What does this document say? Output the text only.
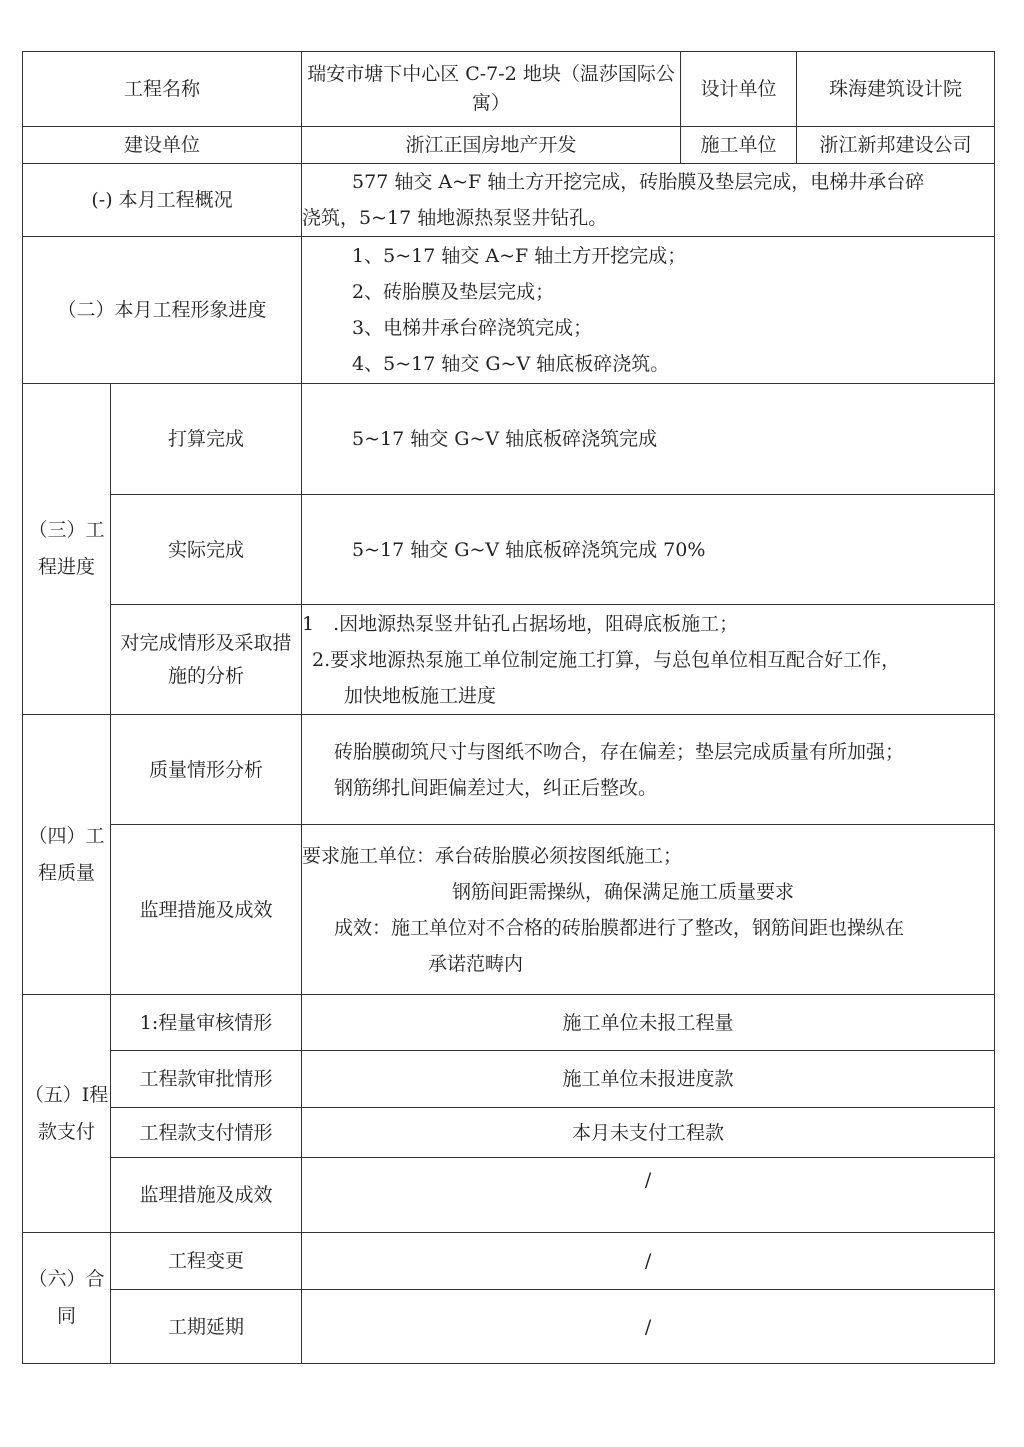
工程名称		瑞安市塘下中心区 C-7-2 地块（温莎国际公寓）	设计单位	珠海建筑设计院
建设单位		浙江正国房地产开发	施工单位	浙江新邦建设公司
(-) 本月工程概况		577 轴交 A~F 轴土方开挖完成，砖胎膜及垫层完成，电梯井承台碎
浇筑，5~17 轴地源热泵竖井钻孔。		

（二）本月工程形象进度		1、5~17 轴交 A~F 轴土方开挖完成；
2、砖胎膜及垫层完成；
3、电梯井承台碎浇筑完成；
4、5~17 轴交 G~V 轴底板碎浇筑。		

（三）工程进度	打算完成	5~17 轴交 G~V 轴底板碎浇筑完成		
	实际完成	5~17 轴交 G~V 轴底板碎浇筑完成 70%		
	对完成情形及采取措施的分析	1　.因地源热泵竖井钻孔占据场地，阻碍底板施工；
2.要求地源热泵施工单位制定施工打算，与总包单位相互配合好工作，
加快地板施工进度		

（四）工程质量	质量情形分析	砖胎膜砌筑尺寸与图纸不吻合，存在偏差；垫层完成质量有所加强；
钢筋绑扎间距偏差过大，纠正后整改。		

	监理措施及成效	要求施工单位：承台砖胎膜必须按图纸施工；
钢筋间距需操纵，确保满足施工质量要求
成效：施工单位对不合格的砖胎膜都进行了整改，钢筋间距也操纵在
承诺范畴内		

（五）I程款支付	1:程量审核情形	施工单位未报工程量		
	工程款审批情形	施工单位未报进度款		
	工程款支付情形	本月未支付工程款		
	监理措施及成效	/		
（六）合同	工程变更	/		
	工期延期	/		
